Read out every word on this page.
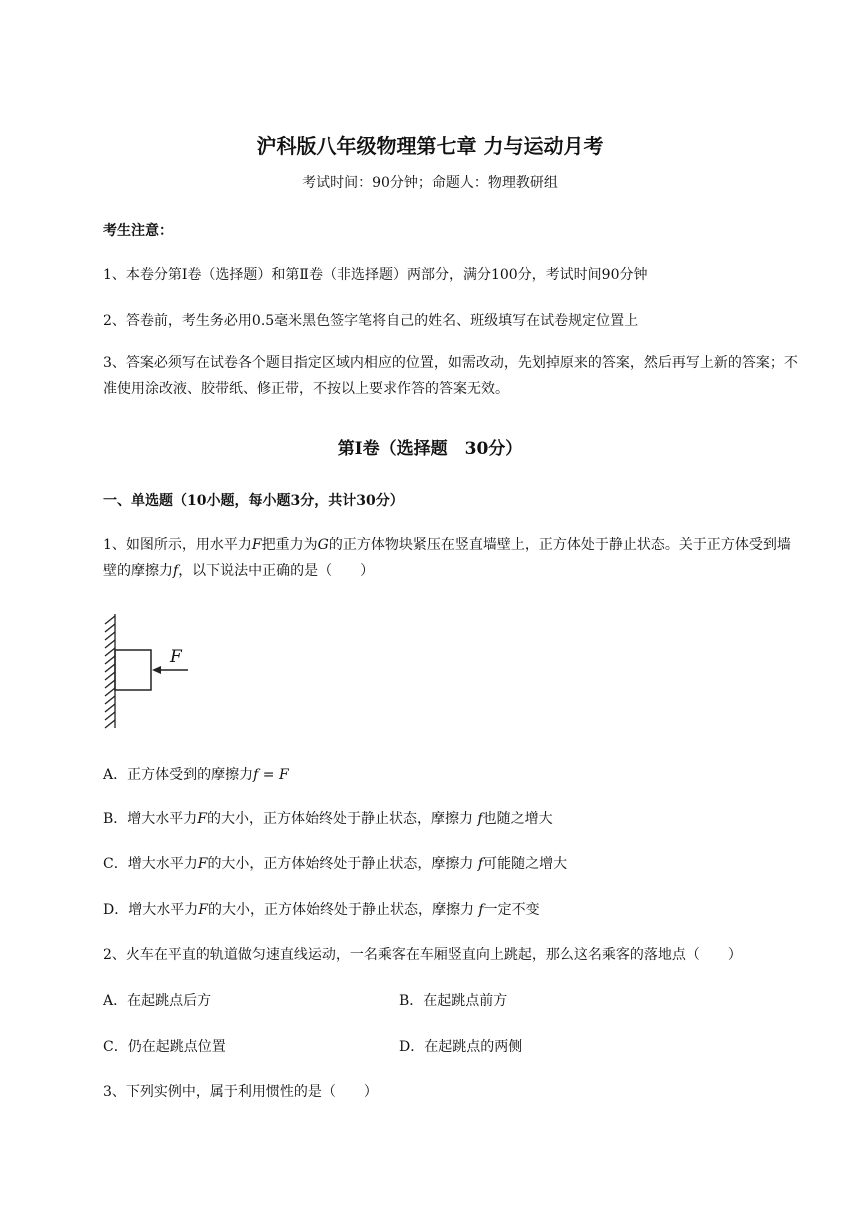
沪科版八年级物理第七章 力与运动月考
考试时间：90分钟；命题人：物理教研组
考生注意：
1、本卷分第Ⅰ卷（选择题）和第Ⅱ卷（非选择题）两部分，满分100分，考试时间90分钟
2、答卷前，考生务必用0.5毫米黑色签字笔将自己的姓名、班级填写在试卷规定位置上
3、答案必须写在试卷各个题目指定区域内相应的位置，如需改动，先划掉原来的答案，然后再写上新的答案；不准使用涂改液、胶带纸、修正带，不按以上要求作答的答案无效。
第Ⅰ卷（选择题　30分）
一、单选题（10小题，每小题3分，共计30分）
1、如图所示，用水平力F把重力为G的正方体物块紧压在竖直墙壁上，正方体处于静止状态。关于正方体受到墙壁的摩擦力f，以下说法中正确的是（　　）
F
A．正方体受到的摩擦力f = F
B．增大水平力F的大小，正方体始终处于静止状态，摩擦力 f也随之增大
C．增大水平力F的大小，正方体始终处于静止状态，摩擦力 f可能随之增大
D．增大水平力F的大小，正方体始终处于静止状态，摩擦力 f一定不变
2、火车在平直的轨道做匀速直线运动，一名乘客在车厢竖直向上跳起，那么这名乘客的落地点（　　）
A．在起跳点后方	B．在起跳点前方
C．仍在起跳点位置	D．在起跳点的两侧
3、下列实例中，属于利用惯性的是（　　）
